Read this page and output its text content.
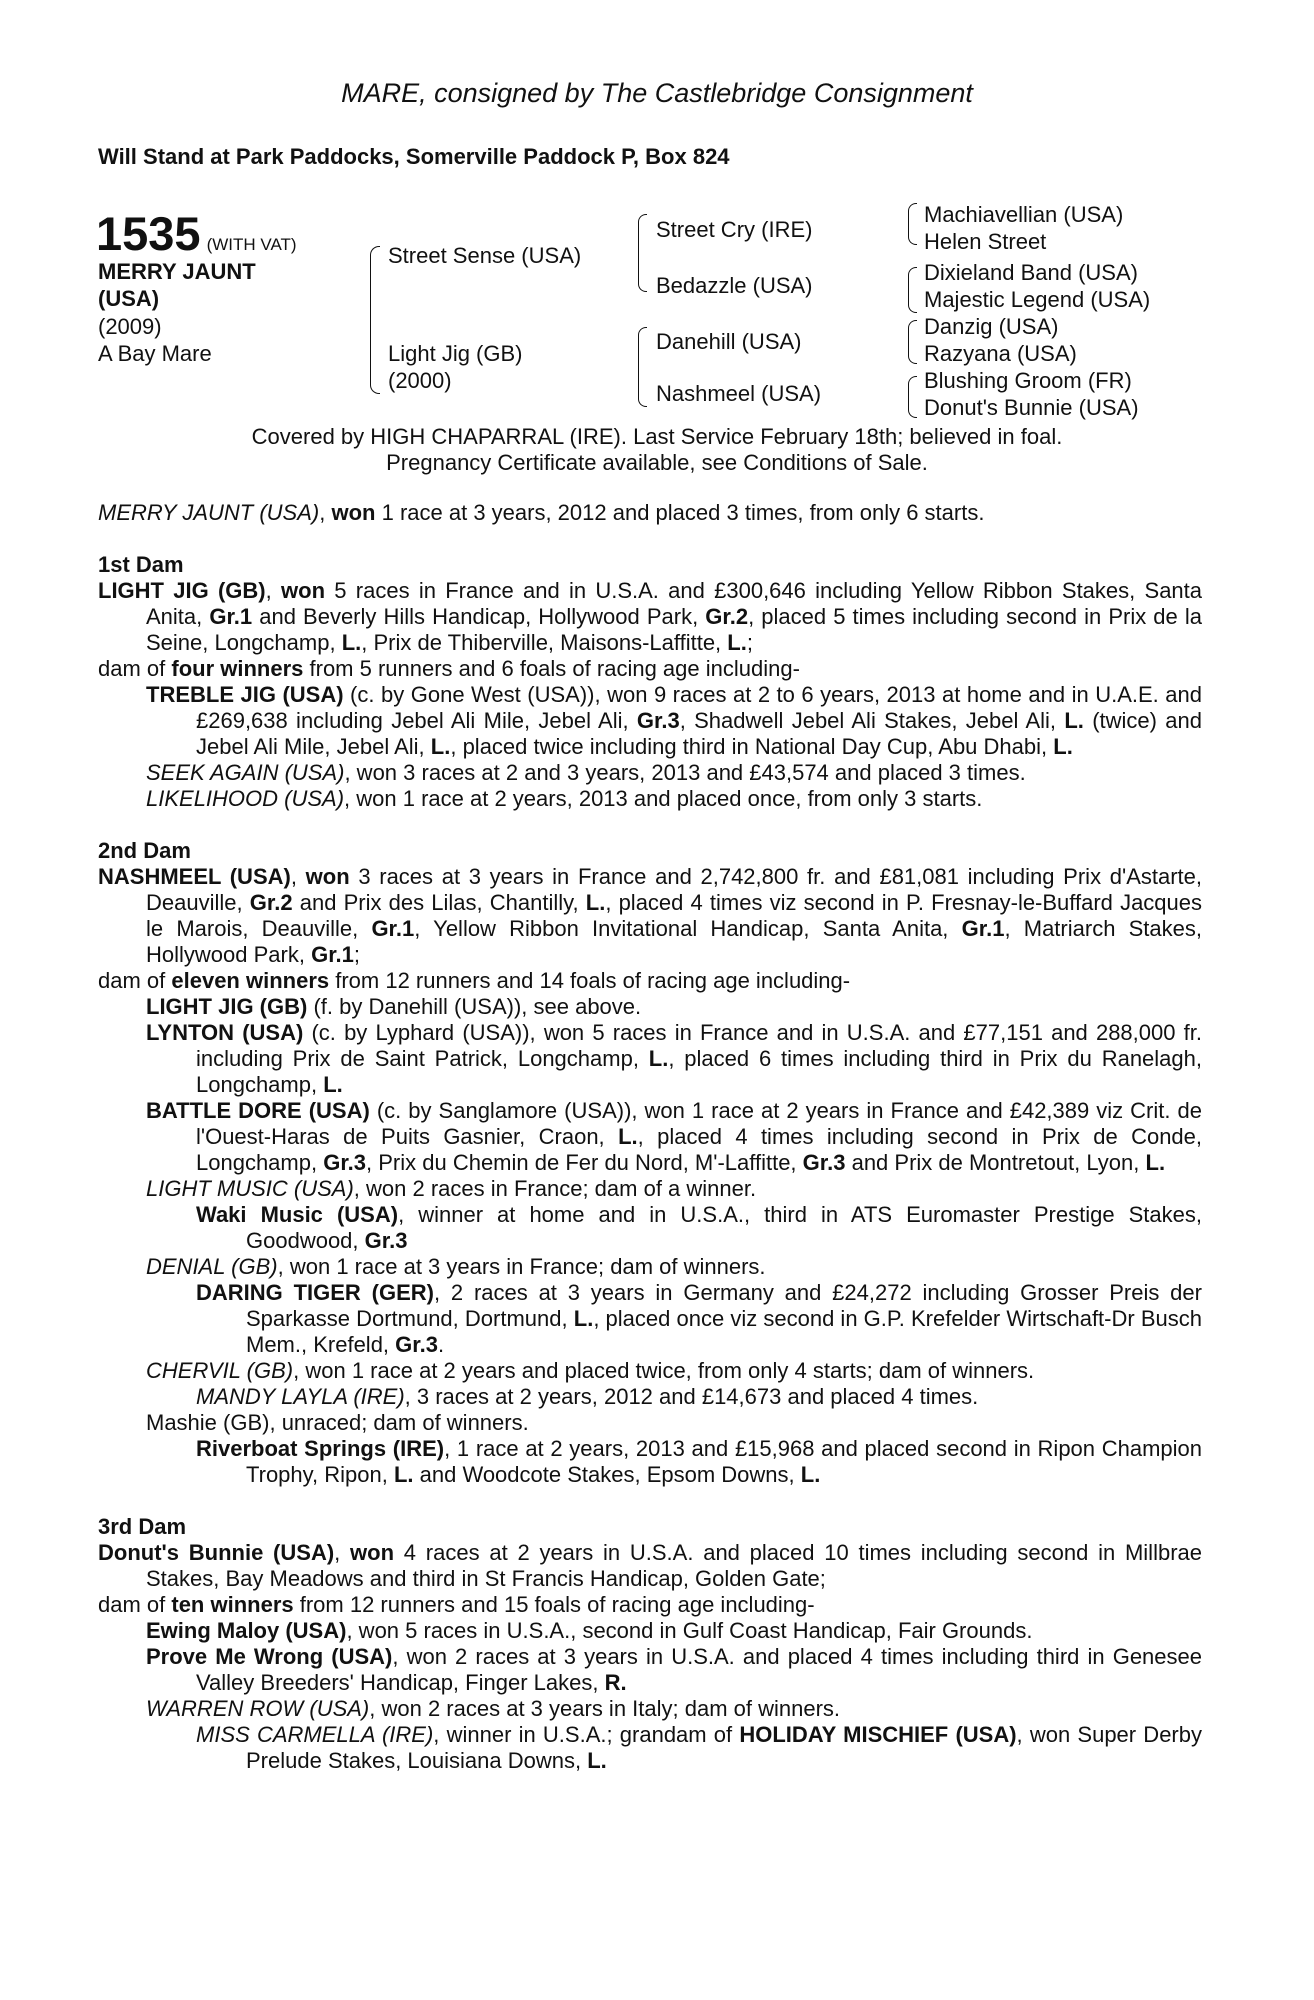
MARE, consigned by The Castlebridge Consignment
Will Stand at Park Paddocks, Somerville Paddock P, Box 824
1535 (WITH VAT)
MERRY JAUNT
(USA)
(2009)
A Bay Mare
Street Sense (USA)
Light Jig (GB)
(2000)
Street Cry (IRE)
Bedazzle (USA)
Danehill (USA)
Nashmeel (USA)
Machiavellian (USA)
Helen Street
Dixieland Band (USA)
Majestic Legend (USA)
Danzig (USA)
Razyana (USA)
Blushing Groom (FR)
Donut's Bunnie (USA)
Covered by HIGH CHAPARRAL (IRE). Last Service February 18th; believed in foal.
Pregnancy Certificate available, see Conditions of Sale.
MERRY JAUNT (USA), won 1 race at 3 years, 2012 and placed 3 times, from only 6 starts.
1st Dam
LIGHT JIG (GB), won 5 races in France and in U.S.A. and £300,646 including Yellow Ribbon Stakes, Santa Anita, Gr.1 and Beverly Hills Handicap, Hollywood Park, Gr.2, placed 5 times including second in Prix de la Seine, Longchamp, L., Prix de Thiberville, Maisons-Laffitte, L.;
dam of four winners from 5 runners and 6 foals of racing age including-
TREBLE JIG (USA) (c. by Gone West (USA)), won 9 races at 2 to 6 years, 2013 at home and in U.A.E. and £269,638 including Jebel Ali Mile, Jebel Ali, Gr.3, Shadwell Jebel Ali Stakes, Jebel Ali, L. (twice) and Jebel Ali Mile, Jebel Ali, L., placed twice including third in National Day Cup, Abu Dhabi, L.
SEEK AGAIN (USA), won 3 races at 2 and 3 years, 2013 and £43,574 and placed 3 times.
LIKELIHOOD (USA), won 1 race at 2 years, 2013 and placed once, from only 3 starts.
2nd Dam
NASHMEEL (USA), won 3 races at 3 years in France and 2,742,800 fr. and £81,081 including Prix d'Astarte, Deauville, Gr.2 and Prix des Lilas, Chantilly, L., placed 4 times viz second in P. Fresnay-le-Buffard Jacques le Marois, Deauville, Gr.1, Yellow Ribbon Invitational Handicap, Santa Anita, Gr.1, Matriarch Stakes, Hollywood Park, Gr.1;
dam of eleven winners from 12 runners and 14 foals of racing age including-
LIGHT JIG (GB) (f. by Danehill (USA)), see above.
LYNTON (USA) (c. by Lyphard (USA)), won 5 races in France and in U.S.A. and £77,151 and 288,000 fr. including Prix de Saint Patrick, Longchamp, L., placed 6 times including third in Prix du Ranelagh, Longchamp, L.
BATTLE DORE (USA) (c. by Sanglamore (USA)), won 1 race at 2 years in France and £42,389 viz Crit. de l'Ouest-Haras de Puits Gasnier, Craon, L., placed 4 times including second in Prix de Conde, Longchamp, Gr.3, Prix du Chemin de Fer du Nord, M'-Laffitte, Gr.3 and Prix de Montretout, Lyon, L.
LIGHT MUSIC (USA), won 2 races in France; dam of a winner.
Waki Music (USA), winner at home and in U.S.A., third in ATS Euromaster Prestige Stakes, Goodwood, Gr.3
DENIAL (GB), won 1 race at 3 years in France; dam of winners.
DARING TIGER (GER), 2 races at 3 years in Germany and £24,272 including Grosser Preis der Sparkasse Dortmund, Dortmund, L., placed once viz second in G.P. Krefelder Wirtschaft-Dr Busch Mem., Krefeld, Gr.3.
CHERVIL (GB), won 1 race at 2 years and placed twice, from only 4 starts; dam of winners.
MANDY LAYLA (IRE), 3 races at 2 years, 2012 and £14,673 and placed 4 times.
Mashie (GB), unraced; dam of winners.
Riverboat Springs (IRE), 1 race at 2 years, 2013 and £15,968 and placed second in Ripon Champion Trophy, Ripon, L. and Woodcote Stakes, Epsom Downs, L.
3rd Dam
Donut's Bunnie (USA), won 4 races at 2 years in U.S.A. and placed 10 times including second in Millbrae Stakes, Bay Meadows and third in St Francis Handicap, Golden Gate;
dam of ten winners from 12 runners and 15 foals of racing age including-
Ewing Maloy (USA), won 5 races in U.S.A., second in Gulf Coast Handicap, Fair Grounds.
Prove Me Wrong (USA), won 2 races at 3 years in U.S.A. and placed 4 times including third in Genesee Valley Breeders' Handicap, Finger Lakes, R.
WARREN ROW (USA), won 2 races at 3 years in Italy; dam of winners.
MISS CARMELLA (IRE), winner in U.S.A.; grandam of HOLIDAY MISCHIEF (USA), won Super Derby Prelude Stakes, Louisiana Downs, L.
